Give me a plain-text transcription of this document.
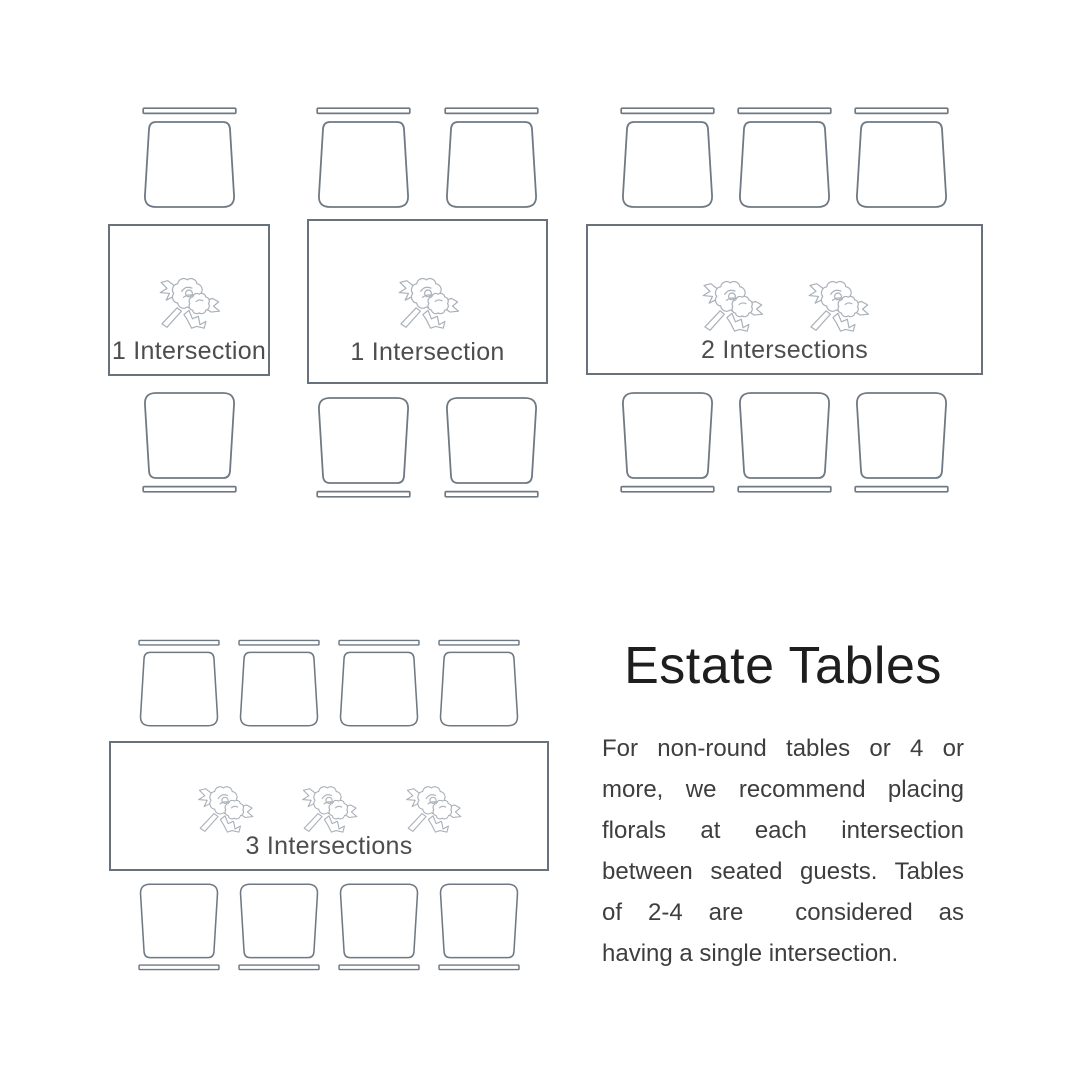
1 Intersection	1 Intersection	2 Intersections
3 Intersections
Estate Tables
For non-round tables or 4 or
more, we recommend placing
florals at each intersection
between seated guests. Tables
of 2-4 are  considered as
having a single intersection.
